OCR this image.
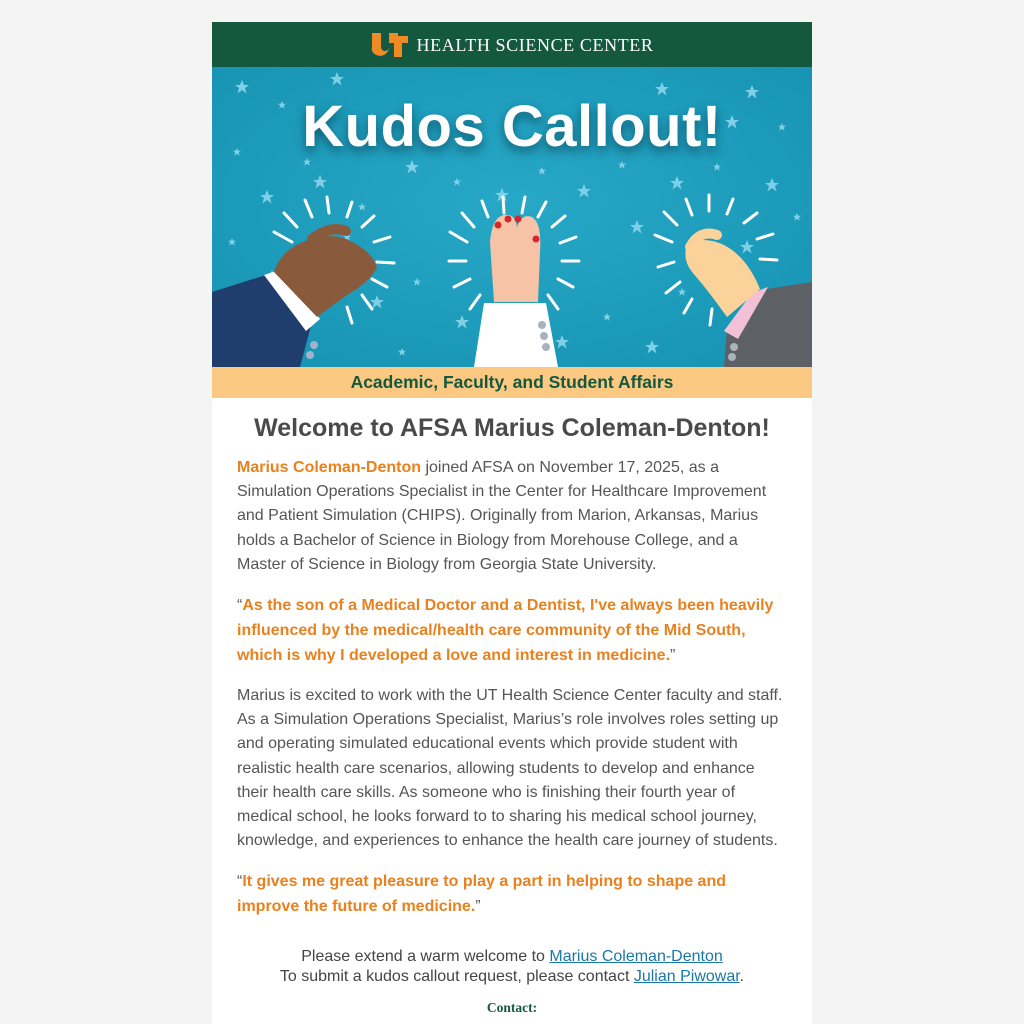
HEALTH SCIENCE CENTER
Kudos Callout!
Academic, Faculty, and Student Affairs
Welcome to AFSA Marius Coleman-Denton!

Marius Coleman-Denton joined AFSA on November 17, 2025, as a Simulation Operations Specialist in the Center for Healthcare Improvement and Patient Simulation (CHIPS). Originally from Marion, Arkansas, Marius holds a Bachelor of Science in Biology from Morehouse College, and a Master of Science in Biology from Georgia State University.

“As the son of a Medical Doctor and a Dentist, I've always been heavily influenced by the medical/health care community of the Mid South, which is why I developed a love and interest in medicine.”

Marius is excited to work with the UT Health Science Center faculty and staff. As a Simulation Operations Specialist, Marius’s role involves roles setting up and operating simulated educational events which provide student with realistic health care scenarios, allowing students to develop and enhance their health care skills. As someone who is finishing their fourth year of medical school, he looks forward to to sharing his medical school journey, knowledge, and experiences to enhance the health care journey of students.

“It gives me great pleasure to play a part in helping to shape and improve the future of medicine.”

Please extend a warm welcome to Marius Coleman-Denton
To submit a kudos callout request, please contact Julian Piwowar.
Contact:
